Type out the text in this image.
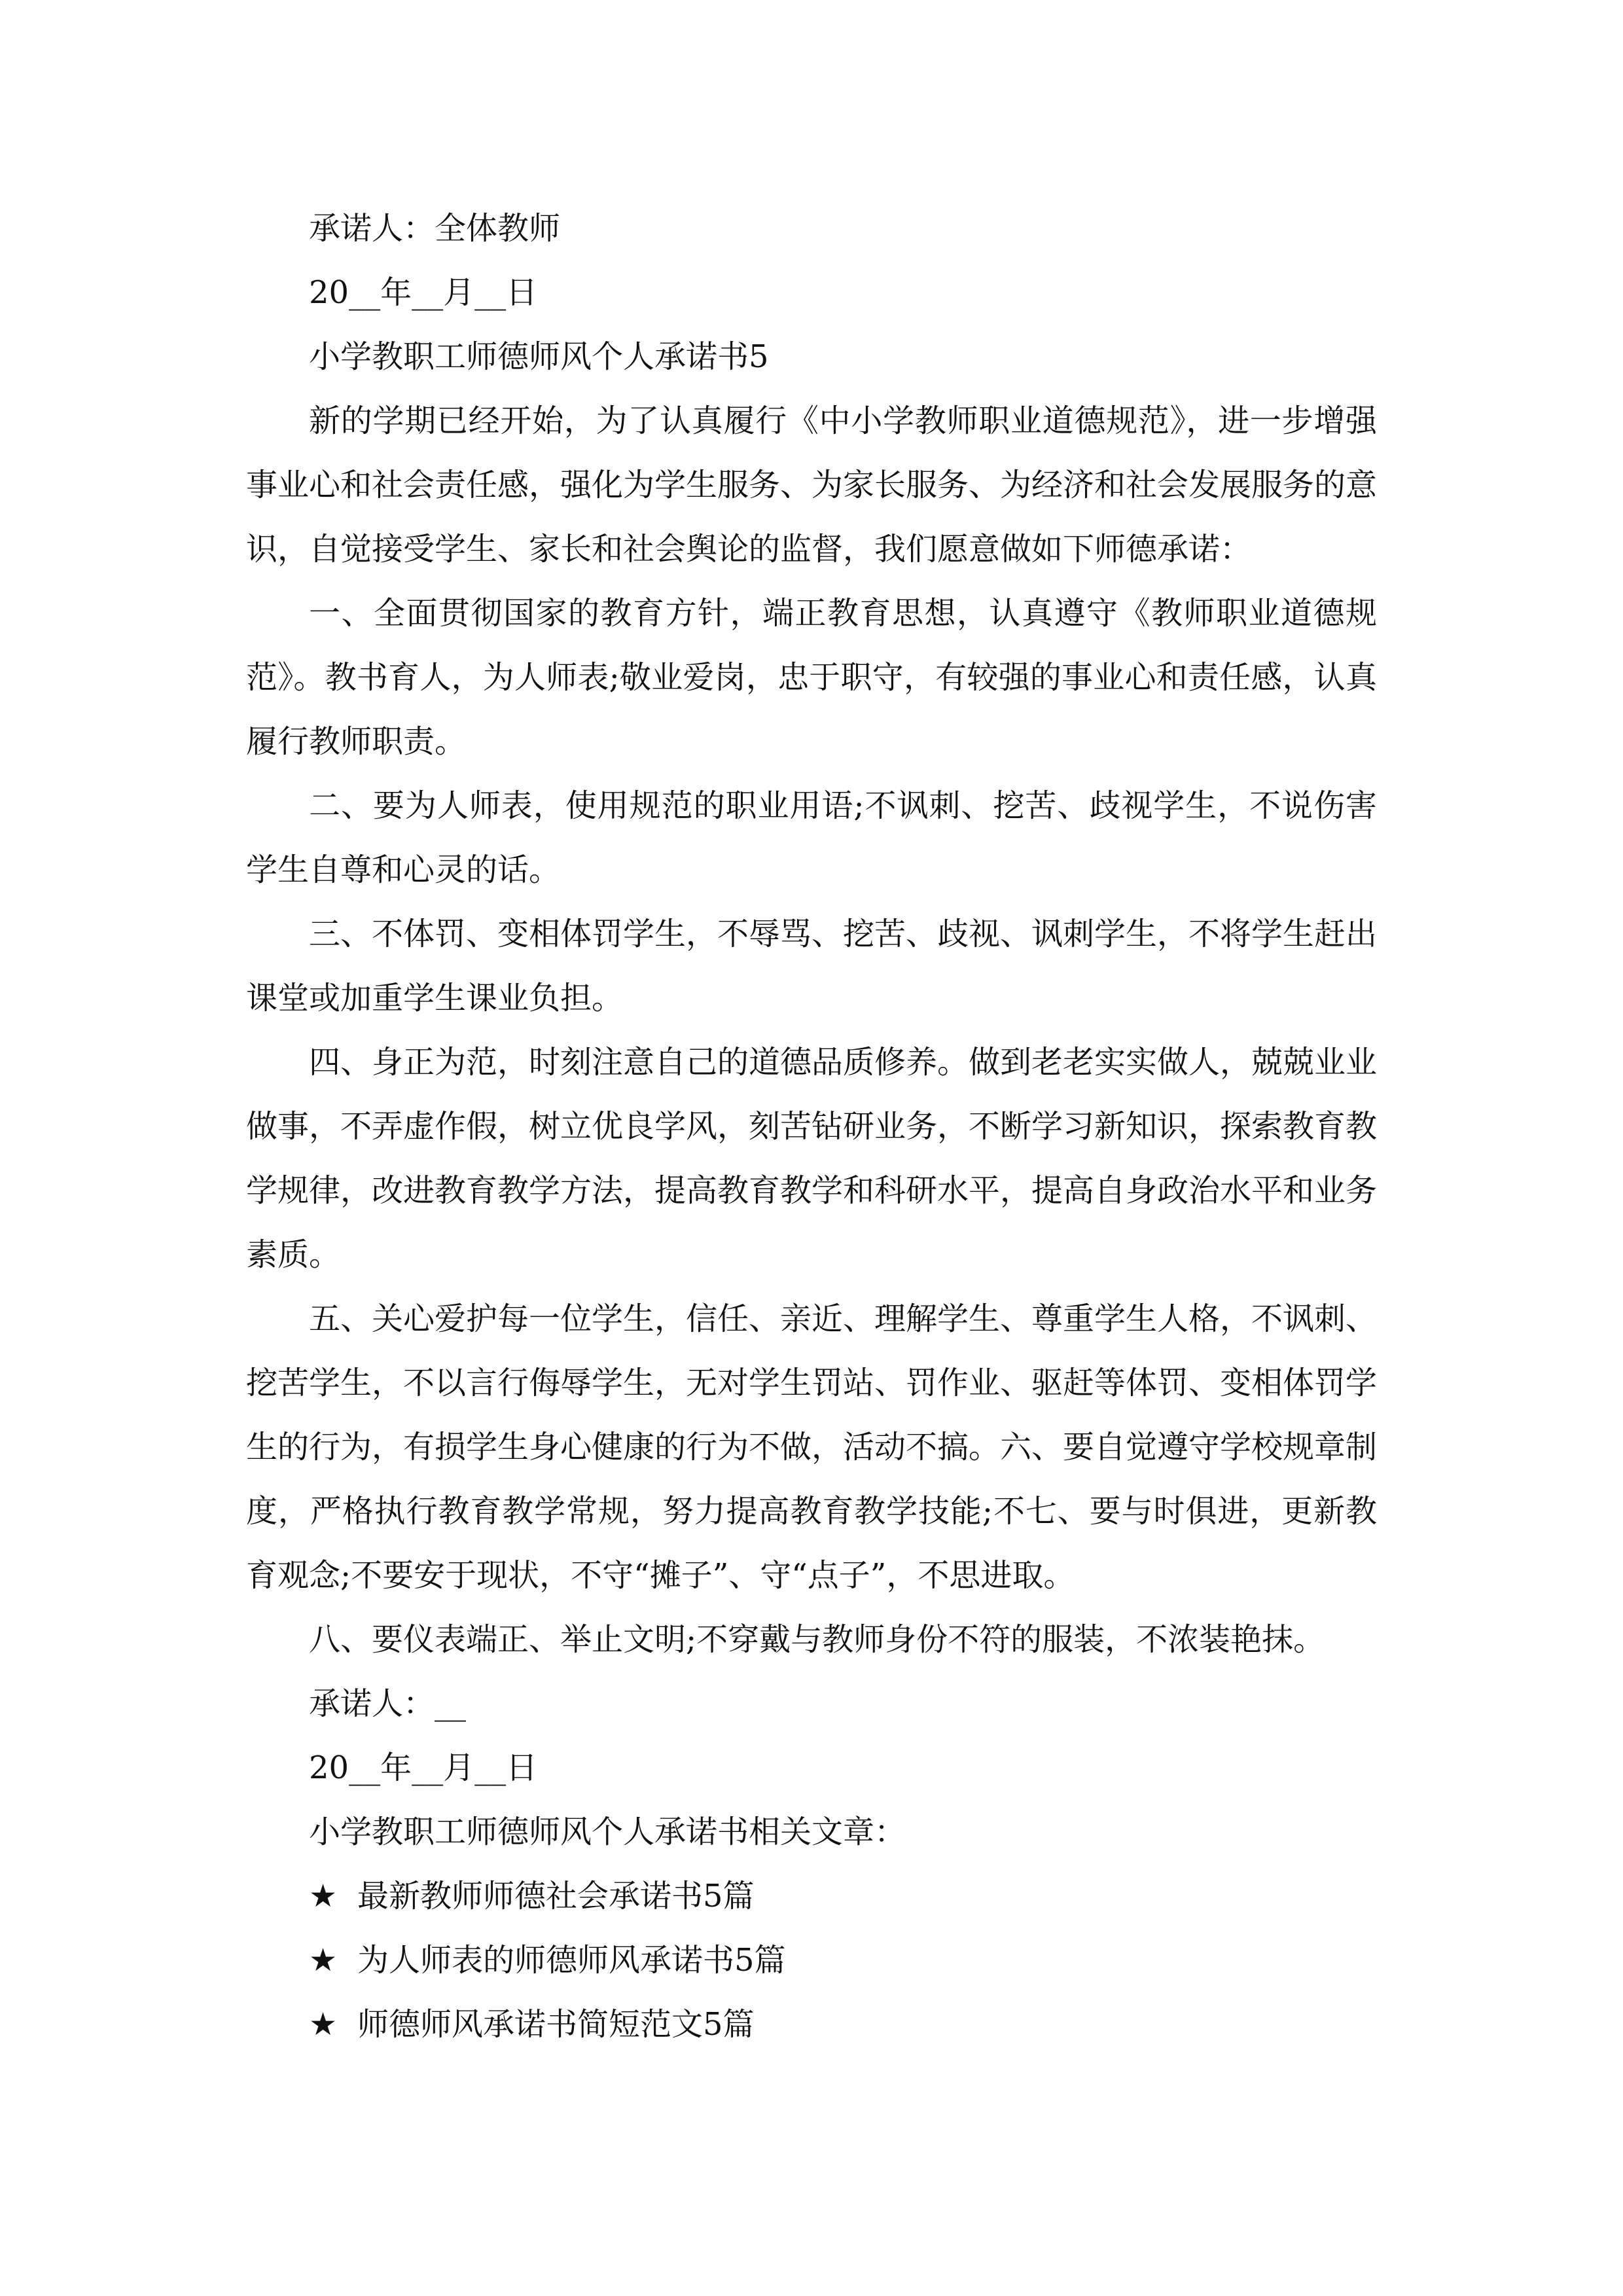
承诺人：全体教师
20__年__月__日
小学教职工师德师风个人承诺书5

新的学期已经开始，为了认真履行《中小学教师职业道德规范》，进一步增强事业心和社会责任感，强化为学生服务、为家长服务、为经济和社会发展服务的意识，自觉接受学生、家长和社会舆论的监督，我们愿意做如下师德承诺：

一、全面贯彻国家的教育方针，端正教育思想，认真遵守《教师职业道德规范》。教书育人，为人师表;敬业爱岗，忠于职守，有较强的事业心和责任感，认真履行教师职责。

二、要为人师表，使用规范的职业用语;不讽刺、挖苦、歧视学生，不说伤害学生自尊和心灵的话。

三、不体罚、变相体罚学生，不辱骂、挖苦、歧视、讽刺学生，不将学生赶出课堂或加重学生课业负担。

四、身正为范，时刻注意自己的道德品质修养。做到老老实实做人，兢兢业业做事，不弄虚作假，树立优良学风，刻苦钻研业务，不断学习新知识，探索教育教学规律，改进教育教学方法，提高教育教学和科研水平，提高自身政治水平和业务素质。

五、关心爱护每一位学生，信任、亲近、理解学生、尊重学生人格，不讽刺、挖苦学生，不以言行侮辱学生，无对学生罚站、罚作业、驱赶等体罚、变相体罚学生的行为，有损学生身心健康的行为不做，活动不搞。六、要自觉遵守学校规章制度，严格执行教育教学常规，努力提高教育教学技能;不七、要与时俱进，更新教育观念;不要安于现状，不守“摊子”、守“点子”，不思进取。

八、要仪表端正、举止文明;不穿戴与教师身份不符的服装，不浓装艳抹。

承诺人：__
20__年__月__日
小学教职工师德师风个人承诺书相关文章：
★ 最新教师师德社会承诺书5篇
★ 为人师表的师德师风承诺书5篇
★ 师德师风承诺书简短范文5篇
